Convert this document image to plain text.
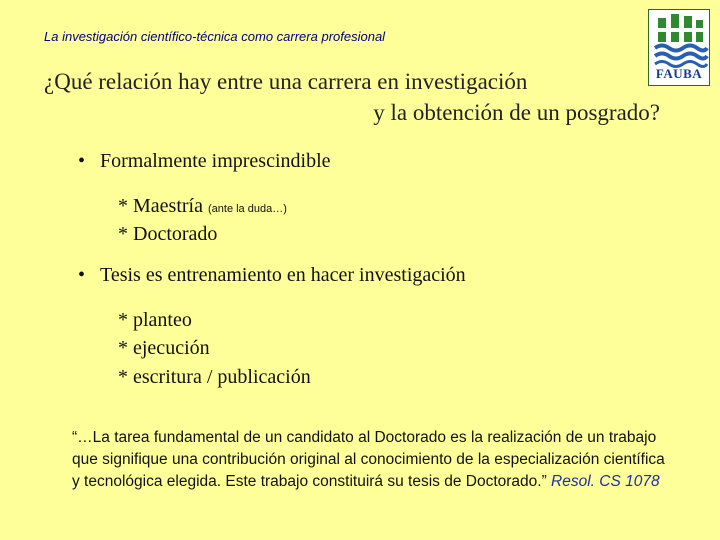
La investigación científico-técnica como carrera profesional
FAUBA
¿Qué relación hay entre una carrera en investigación
y la obtención de un posgrado?
• Formalmente imprescindible
* Maestría (ante la duda…)
* Doctorado
• Tesis es entrenamiento en hacer investigación
* planteo
* ejecución
* escritura / publicación
“…La tarea fundamental de un candidato al Doctorado es la realización de un trabajo que signifique una contribución original al conocimiento de la especialización científica y tecnológica elegida. Este trabajo constituirá su tesis de Doctorado.” Resol. CS 1078
